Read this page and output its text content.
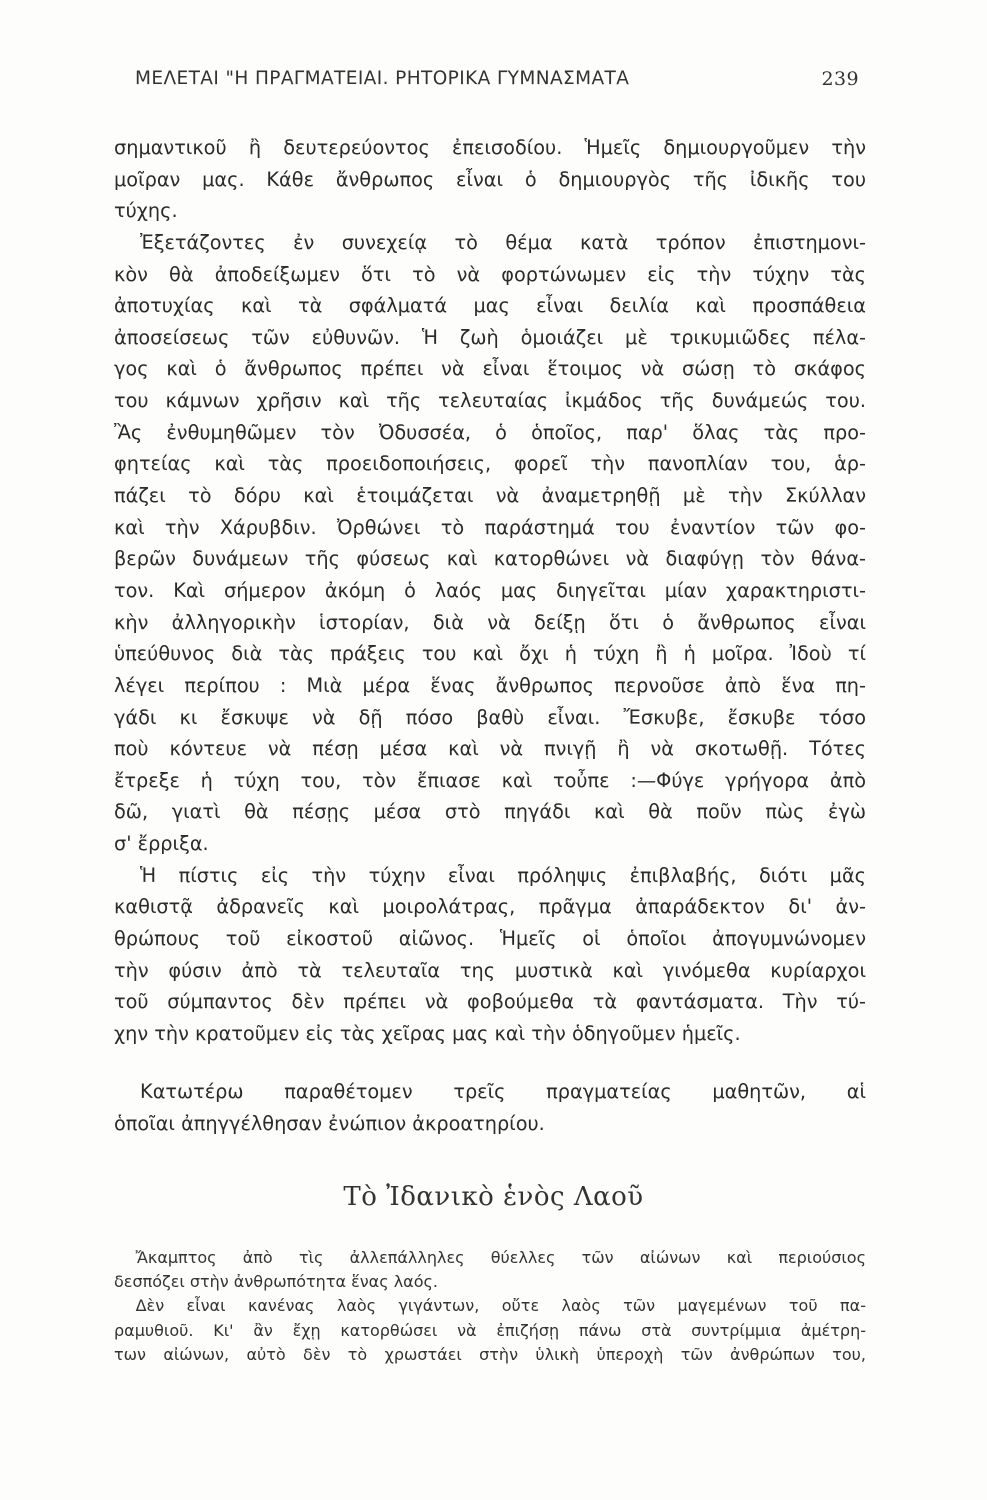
ΜΕΛΕΤΑΙ "Η ΠΡΑΓΜΑΤΕΙΑΙ. ΡΗΤΟΡΙΚΑ ΓΥΜΝΑΣΜΑΤΑ	239
σημαντικοῦ ἢ δευτερεύοντος ἐπεισοδίου. Ἡμεῖς δημιουργοῦμεν τὴν
μοῖραν μας. Κάθε ἄνθρωπος εἶναι ὁ δημιουργὸς τῆς ἰδικῆς του
τύχης.
Ἐξετάζοντες ἐν συνεχείᾳ τὸ θέμα κατὰ τρόπον ἐπιστημονι-
κὸν θὰ ἀποδείξωμεν ὅτι τὸ νὰ φορτώνωμεν εἰς τὴν τύχην τὰς
ἀποτυχίας καὶ τὰ σφάλματά μας εἶναι δειλία καὶ προσπάθεια
ἀποσείσεως τῶν εὐθυνῶν. Ἡ ζωὴ ὁμοιάζει μὲ τρικυμιῶδες πέλα-
γος καὶ ὁ ἄνθρωπος πρέπει νὰ εἶναι ἕτοιμος νὰ σώσῃ τὸ σκάφος
του κάμνων χρῆσιν καὶ τῆς τελευταίας ἰκμάδος τῆς δυνάμεώς του.
Ἂς ἐνθυμηθῶμεν τὸν Ὀδυσσέα, ὁ ὁποῖος, παρ' ὅλας τὰς προ-
φητείας καὶ τὰς προειδοποιήσεις, φορεῖ τὴν πανοπλίαν του, ἁρ-
πάζει τὸ δόρυ καὶ ἑτοιμάζεται νὰ ἀναμετρηθῇ μὲ τὴν Σκύλλαν
καὶ τὴν Χάρυβδιν. Ὀρθώνει τὸ παράστημά του ἐναντίον τῶν φο-
βερῶν δυνάμεων τῆς φύσεως καὶ κατορθώνει νὰ διαφύγῃ τὸν θάνα-
τον. Καὶ σήμερον ἀκόμη ὁ λαός μας διηγεῖται μίαν χαρακτηριστι-
κὴν ἀλληγορικὴν ἱστορίαν, διὰ νὰ δείξῃ ὅτι ὁ ἄνθρωπος εἶναι
ὑπεύθυνος διὰ τὰς πράξεις του καὶ ὄχι ἡ τύχη ἢ ἡ μοῖρα. Ἰδοὺ τί
λέγει περίπου : Μιὰ μέρα ἕνας ἄνθρωπος περνοῦσε ἀπὸ ἕνα πη-
γάδι κι ἔσκυψε νὰ δῇ πόσο βαθὺ εἶναι. Ἔσκυβε, ἔσκυβε τόσο
ποὺ κόντευε νὰ πέσῃ μέσα καὶ νὰ πνιγῇ ἢ νὰ σκοτωθῇ. Τότες
ἔτρεξε ἡ τύχη του, τὸν ἔπιασε καὶ τοὖπε :—Φύγε γρήγορα ἀπὸ
δῶ, γιατὶ θὰ πέσῃς μέσα στὸ πηγάδι καὶ θὰ ποῦν πὼς ἐγὼ
σ' ἔρριξα.
Ἡ πίστις εἰς τὴν τύχην εἶναι πρόληψις ἐπιβλαβής, διότι μᾶς
καθιστᾷ ἀδρανεῖς καὶ μοιρολάτρας, πρᾶγμα ἀπαράδεκτον δι' ἀν-
θρώπους τοῦ εἰκοστοῦ αἰῶνος. Ἡμεῖς οἱ ὁποῖοι ἀπογυμνώνομεν
τὴν φύσιν ἀπὸ τὰ τελευταῖα της μυστικὰ καὶ γινόμεθα κυρίαρχοι
τοῦ σύμπαντος δὲν πρέπει νὰ φοβούμεθα τὰ φαντάσματα. Τὴν τύ-
χην τὴν κρατοῦμεν εἰς τὰς χεῖρας μας καὶ τὴν ὁδηγοῦμεν ἡμεῖς.
Κατωτέρω παραθέτομεν τρεῖς πραγματείας μαθητῶν, αἱ
ὁποῖαι ἀπηγγέλθησαν ἐνώπιον ἀκροατηρίου.
Τὸ Ἰδανικὸ ἑνὸς Λαοῦ
Ἄκαμπτος ἀπὸ τὶς ἀλλεπάλληλες θύελλες τῶν αἰώνων καὶ περιούσιος
δεσπόζει στὴν ἀνθρωπότητα ἕνας λαός.
Δὲν εἶναι κανένας λαὸς γιγάντων, οὔτε λαὸς τῶν μαγεμένων τοῦ πα-
ραμυθιοῦ. Κι' ἂν ἔχῃ κατορθώσει νὰ ἐπιζήσῃ πάνω στὰ συντρίμμια ἀμέτρη-
των αἰώνων, αὐτὸ δὲν τὸ χρωστάει στὴν ὑλικὴ ὑπεροχὴ τῶν ἀνθρώπων του,
